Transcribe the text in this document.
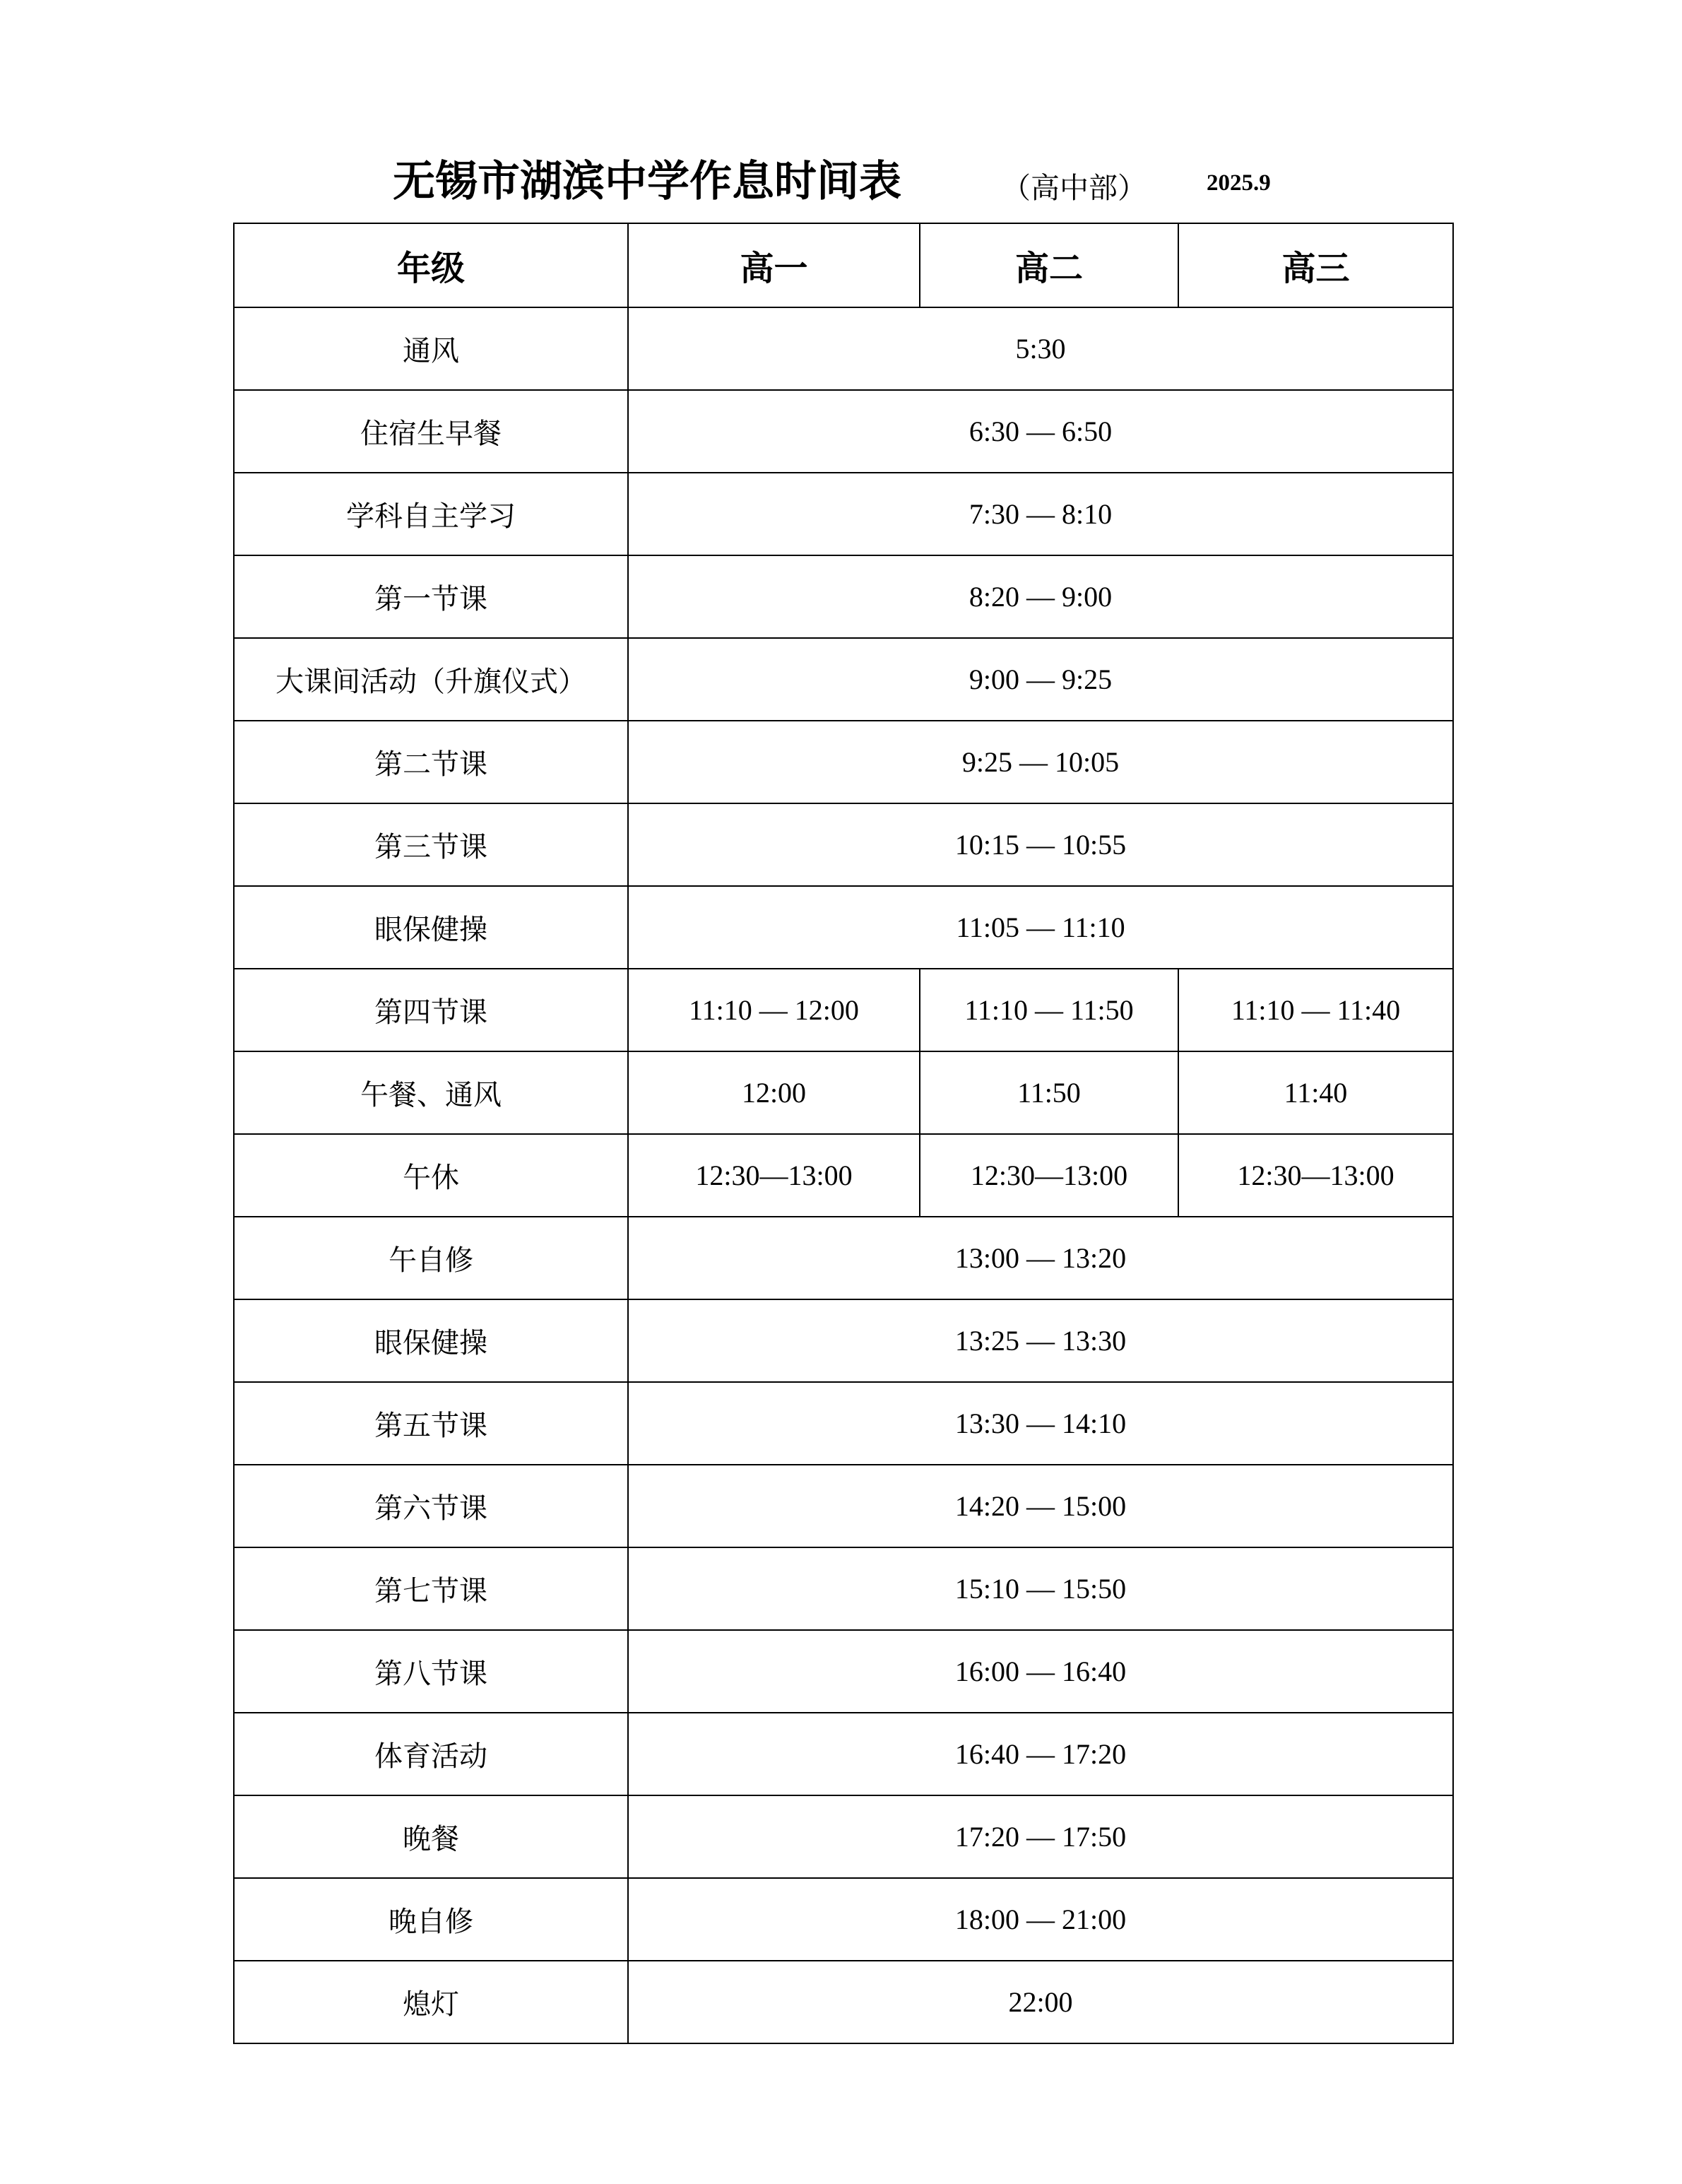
无锡市湖滨中学作息时间表	（高中部）	2025.9
年级	高一	高二	高三
通风	5:30		
住宿生早餐	6:30 — 6:50		
学科自主学习	7:30 — 8:10		
第一节课	8:20 — 9:00		
大课间活动（升旗仪式）	9:00 — 9:25		
第二节课	9:25 — 10:05		
第三节课	10:15 — 10:55		
眼保健操	11:05 — 11:10		
第四节课	11:10 — 12:00	11:10 — 11:50	11:10 — 11:40
午餐、通风	12:00	11:50	11:40
午休	12:30—13:00	12:30—13:00	12:30—13:00
午自修	13:00 — 13:20		
眼保健操	13:25 — 13:30		
第五节课	13:30 — 14:10		
第六节课	14:20 — 15:00		
第七节课	15:10 — 15:50		
第八节课	16:00 — 16:40		
体育活动	16:40 — 17:20		
晚餐	17:20 — 17:50		
晚自修	18:00 — 21:00		
熄灯	22:00		
